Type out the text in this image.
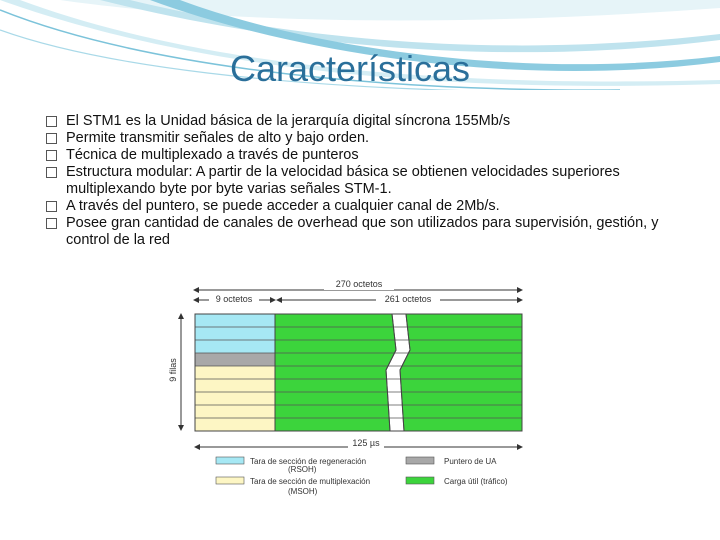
Características
El STM1 es la Unidad básica de la jerarquía digital síncrona 155Mb/s
Permite transmitir señales de alto y bajo orden.
Técnica de multiplexado a través de punteros
Estructura modular: A partir de la velocidad básica se obtienen velocidades superiores multiplexando byte por byte varias señales STM-1.
A través del puntero, se puede acceder a cualquier canal de 2Mb/s.
Posee gran cantidad de canales de overhead que son utilizados para supervisión, gestión, y control de la red
270 octetos
9 octetos	261 octetos
9 filas
125 µs
Tara de sección de regeneración
(RSOH)
Tara de sección de multiplexación
(MSOH)
Puntero de UA
Carga útil (tráfico)
